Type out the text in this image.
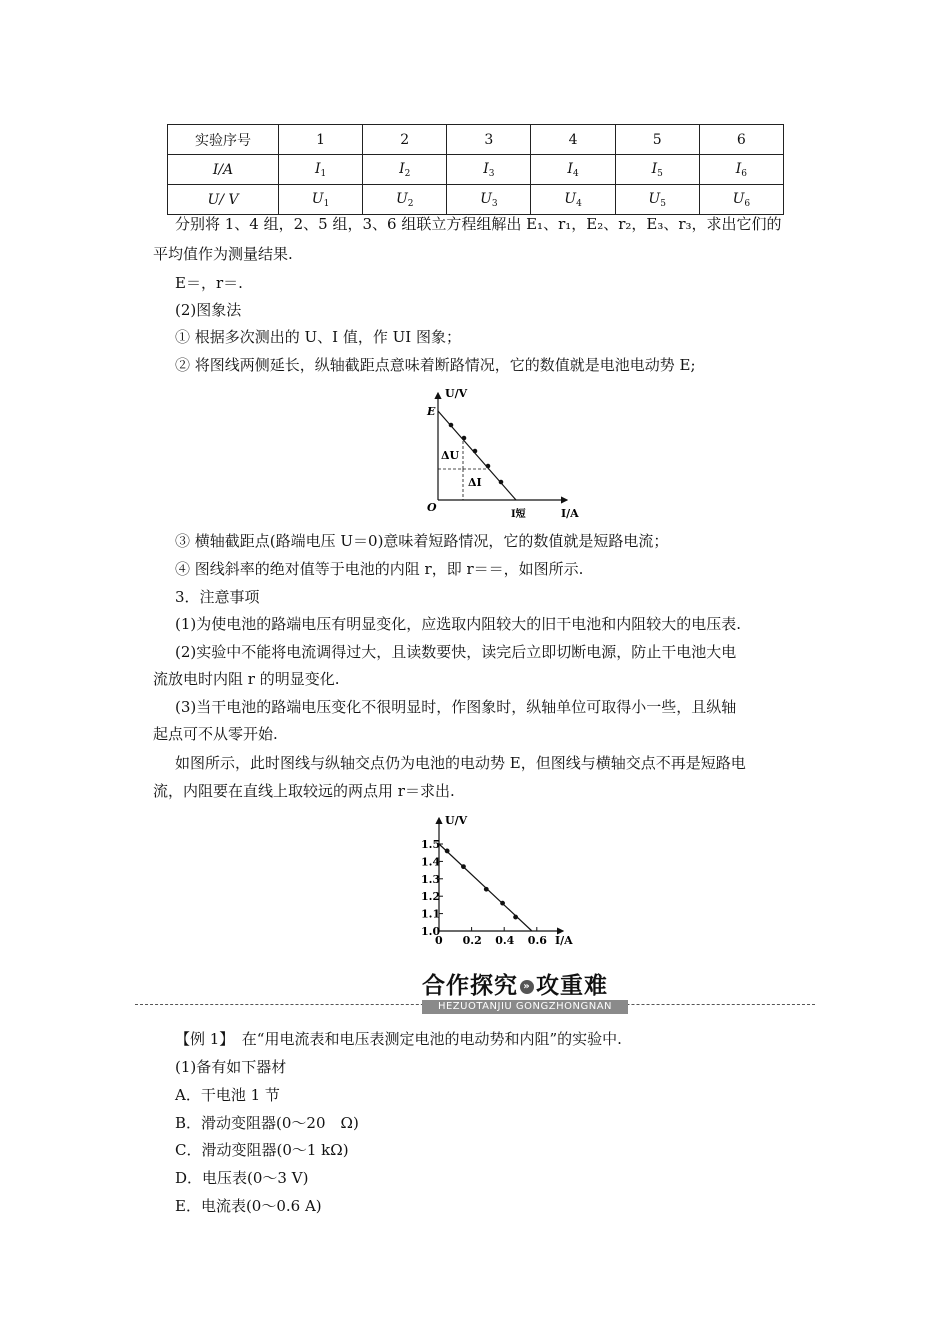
实验序号	1	2	3	4	5	6
I/A	$I_1$	$I_2$	$I_3$	$I_4$	$I_5$	$I_6$
U/ V	$U_1$	$U_2$	$U_3$	$U_4$	$U_5$	$U_6$
分别将 1、4 组，2、5 组，3、6 组联立方程组解出 E₁、r₁，E₂、r₂，E₃、r₃，求出它们的
平均值作为测量结果.
E＝，r＝.
(2)图象法
① 根据多次测出的 U、I 值，作 UI 图象；
② 将图线两侧延长，纵轴截距点意味着断路情况，它的数值就是电池电动势 E;
U/V
E
ΔU
ΔI
O
I短	I/A
③ 横轴截距点(路端电压 U＝0)意味着短路情况，它的数值就是短路电流；
④ 图线斜率的绝对值等于电池的内阻 r，即 r＝＝，如图所示.
3．注意事项
(1)为使电池的路端电压有明显变化，应选取内阻较大的旧干电池和内阻较大的电压表.
(2)实验中不能将电流调得过大，且读数要快，读完后立即切断电源，防止干电池大电
流放电时内阻 r 的明显变化.
(3)当干电池的路端电压变化不很明显时，作图象时，纵轴单位可取得小一些，且纵轴
起点可不从零开始.
如图所示，此时图线与纵轴交点仍为电池的电动势 E，但图线与横轴交点不再是短路电
流，内阻要在直线上取较远的两点用 r＝求出.
U/V
I/A
1.5
1.4
1.3
1.2
1.1
1.0
0 0.2 0.4 0.6
合作探究 » 攻重难
HEZUOTANJIU GONGZHONGNAN
【例 1】　在“用电流表和电压表测定电池的电动势和内阻”的实验中.
(1)备有如下器材
A．干电池 1 节
B．滑动变阻器(0～20　Ω)
C．滑动变阻器(0～1 kΩ)
D．电压表(0～3 V)
E．电流表(0～0.6 A)
